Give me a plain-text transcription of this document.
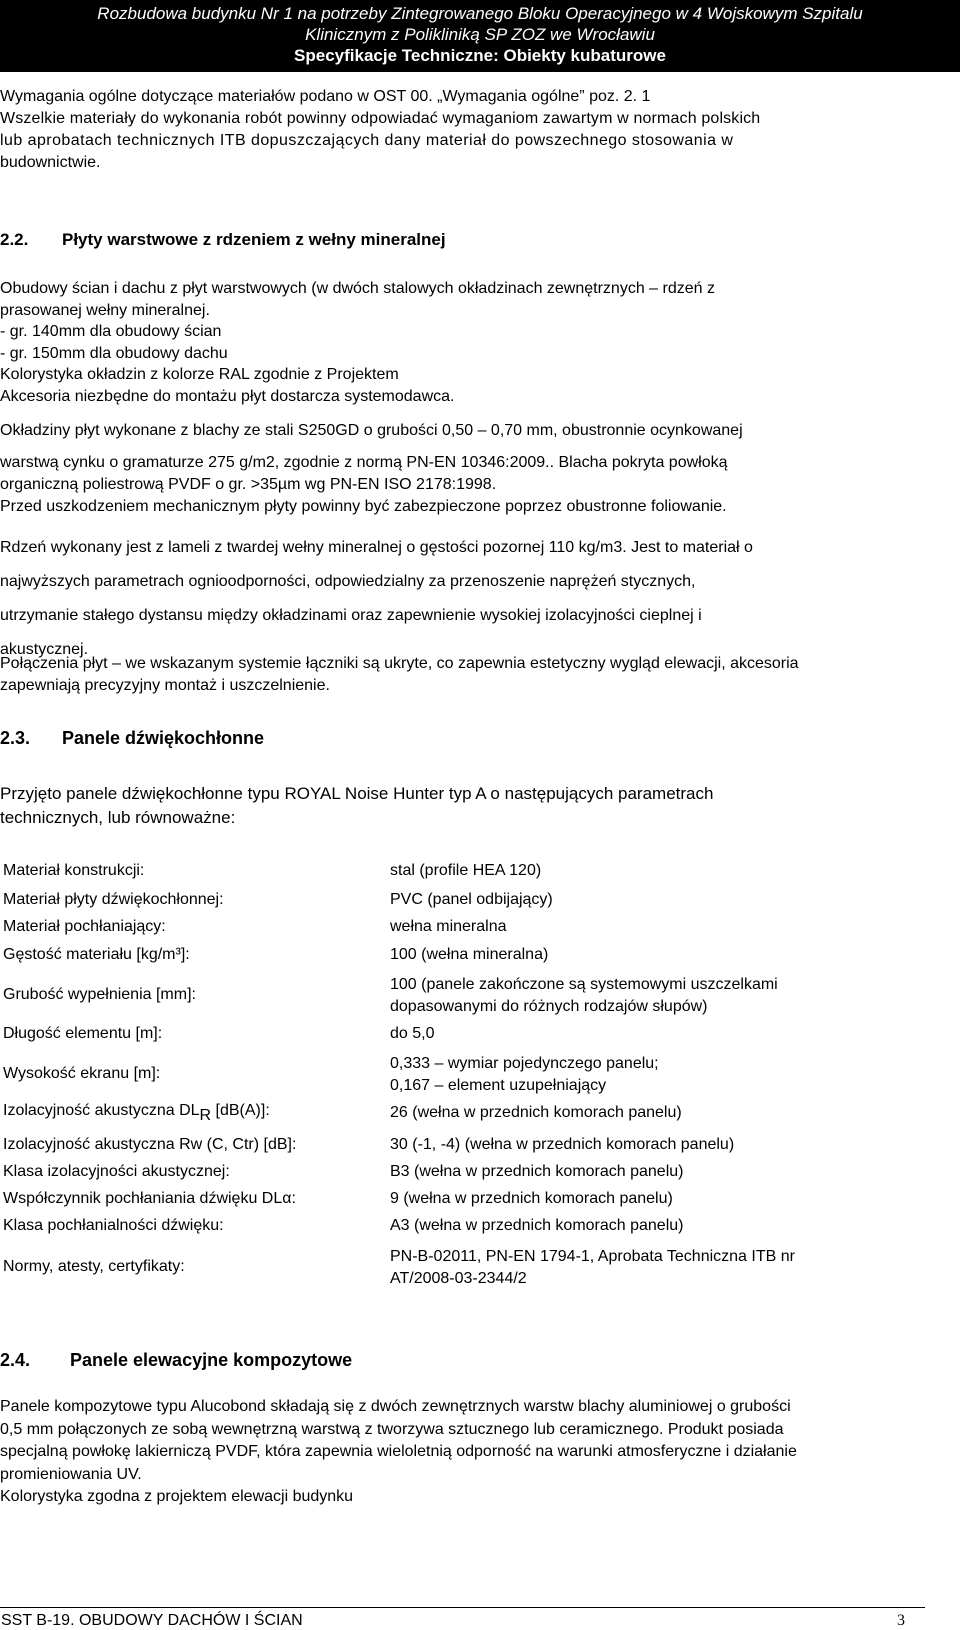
Rozbudowa budynku Nr 1 na potrzeby Zintegrowanego Bloku Operacyjnego w 4 Wojskowym Szpitalu
Klinicznym z Polikliniką SP ZOZ we Wrocławiu
Specyfikacje Techniczne: Obiekty kubaturowe
Wymagania ogólne dotyczące materiałów podano w OST 00. „Wymagania ogólne” poz. 2. 1
Wszelkie materiały do wykonania robót powinny odpowiadać wymaganiom zawartym w normach polskich
lub aprobatach technicznych ITB dopuszczających dany materiał do powszechnego stosowania w
budownictwie.
2.2. Płyty warstwowe z rdzeniem z wełny mineralnej
Obudowy ścian i dachu z płyt warstwowych (w dwóch stalowych okładzinach zewnętrznych – rdzeń z
prasowanej wełny mineralnej.
- gr. 140mm dla obudowy ścian
- gr. 150mm dla obudowy dachu
Kolorystyka okładzin z kolorze RAL zgodnie z Projektem
Akcesoria niezbędne do montażu płyt dostarcza systemodawca.
Okładziny płyt wykonane z blachy ze stali S250GD o grubości 0,50 – 0,70 mm, obustronnie ocynkowanej
warstwą cynku o gramaturze 275 g/m2, zgodnie z normą PN-EN 10346:2009.. Blacha pokryta powłoką
organiczną poliestrową PVDF o gr. >35µm wg PN-EN ISO 2178:1998.
Przed uszkodzeniem mechanicznym płyty powinny być zabezpieczone poprzez obustronne foliowanie.
Rdzeń wykonany jest z lameli z twardej wełny mineralnej o gęstości pozornej 110 kg/m3. Jest to materiał o
najwyższych parametrach ognioodporności, odpowiedzialny za przenoszenie naprężeń stycznych,
utrzymanie stałego dystansu między okładzinami oraz zapewnienie wysokiej izolacyjności cieplnej i
akustycznej.
Połączenia płyt – we wskazanym systemie łączniki są ukryte, co zapewnia estetyczny wygląd elewacji, akcesoria
zapewniają precyzyjny montaż i uszczelnienie.
2.3. Panele dźwiękochłonne
Przyjęto panele dźwiękochłonne typu ROYAL Noise Hunter typ A o następujących parametrach
technicznych, lub równoważne:
Materiał konstrukcji:	stal (profile HEA 120)
Materiał płyty dźwiękochłonnej:	PVC (panel odbijający)
Materiał pochłaniający:	wełna mineralna
Gęstość materiału [kg/m³]:	100 (wełna mineralna)
Grubość wypełnienia [mm]:
100 (panele zakończone są systemowymi uszczelkami
dopasowanymi do różnych rodzajów słupów)
Długość elementu [m]:	do 5,0
Wysokość ekranu [m]:
0,333 – wymiar pojedynczego panelu;
0,167 – element uzupełniający
Izolacyjność akustyczna DLR [dB(A)]:	26 (wełna w przednich komorach panelu)
Izolacyjność akustyczna Rw (C, Ctr) [dB]:	30 (-1, -4) (wełna w przednich komorach panelu)
Klasa izolacyjności akustycznej:	B3 (wełna w przednich komorach panelu)
Współczynnik pochłaniania dźwięku DLα:	9 (wełna w przednich komorach panelu)
Klasa pochłanialności dźwięku:	A3 (wełna w przednich komorach panelu)
Normy, atesty, certyfikaty:
PN-B-02011, PN-EN 1794-1, Aprobata Techniczna ITB nr
AT/2008-03-2344/2
2.4. Panele elewacyjne kompozytowe
Panele kompozytowe typu Alucobond składają się z dwóch zewnętrznych warstw blachy aluminiowej o grubości
0,5 mm połączonych ze sobą wewnętrzną warstwą z tworzywa sztucznego lub ceramicznego. Produkt posiada
specjalną powłokę lakierniczą PVDF, która zapewnia wieloletnią odporność na warunki atmosferyczne i działanie
promieniowania UV.
Kolorystyka zgodna z projektem elewacji budynku
SST B-19. OBUDOWY DACHÓW I ŚCIAN	3
